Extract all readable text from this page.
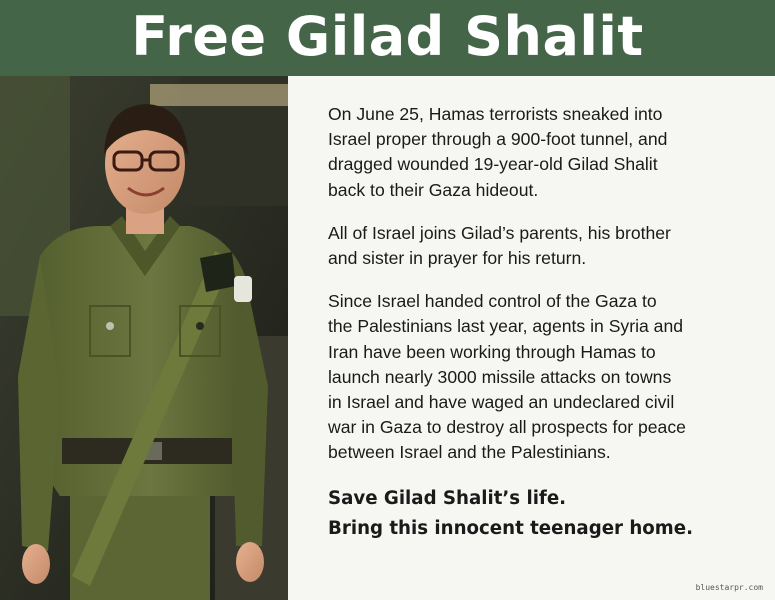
Free Gilad Shalit

On June 25, Hamas terrorists sneaked into
Israel proper through a 900-foot tunnel, and
dragged wounded 19-year-old Gilad Shalit
back to their Gaza hideout.

All of Israel joins Gilad’s parents, his brother
and sister in prayer for his return.

Since Israel handed control of the Gaza to
the Palestinians last year, agents in Syria and
Iran have been working through Hamas to
launch nearly 3000 missile attacks on towns
in Israel and have waged an undeclared civil
war in Gaza to destroy all prospects for peace
between Israel and the Palestinians.

Save Gilad Shalit’s life.

Bring this innocent teenager home.

bluestarpr.com
